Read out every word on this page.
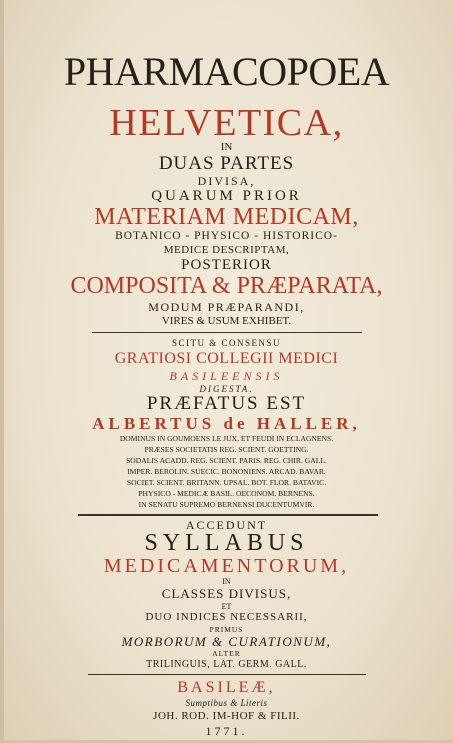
PHARMACOPOEA
HELVETICA,
IN
DUAS PARTES
DIVISA,
QUARUM PRIOR
MATERIAM MEDICAM,
BOTANICO - PHYSICO - HISTORICO-
MEDICE DESCRIPTAM,
POSTERIOR
COMPOSITA & PRÆPARATA,
MODUM PRÆPARANDI,
VIRES & USUM EXHIBET.
SCITU & CONSENSU
GRATIOSI COLLEGII MEDICI
BASILEENSIS
DIGESTA.
PRÆFATUS EST
ALBERTUS de HALLER,
DOMINUS IN GOUMOENS LE JUX, ET FEUDI IN ECLAGNENS.
PRÆSES SOCIETATIS REG. SCIENT. GOETTING.
SODALIS ACADD. REG. SCIENT. PARIS. REG. CHIR. GALL.
IMPER. BEROLIN. SUECIC. BONONIENS. ARCAD. BAVAR.
SOCIET. SCIENT. BRITANN. UPSAL. BOT. FLOR. BATAVIC.
PHYSICO - MEDICÆ BASIL. OECONOM. BERNENS.
IN SENATU SUPREMO BERNENSI DUCENTUMVIR.
ACCEDUNT
SYLLABUS
MEDICAMENTORUM,
IN
CLASSES DIVISUS,
ET
DUO INDICES NECESSARII,
PRIMUS
MORBORUM & CURATIONUM,
ALTER
TRILINGUIS, LAT. GERM. GALL.
BASILEÆ,
Sumptibus & Literis
JOH. ROD. IM-HOF & FILII.
1771.
